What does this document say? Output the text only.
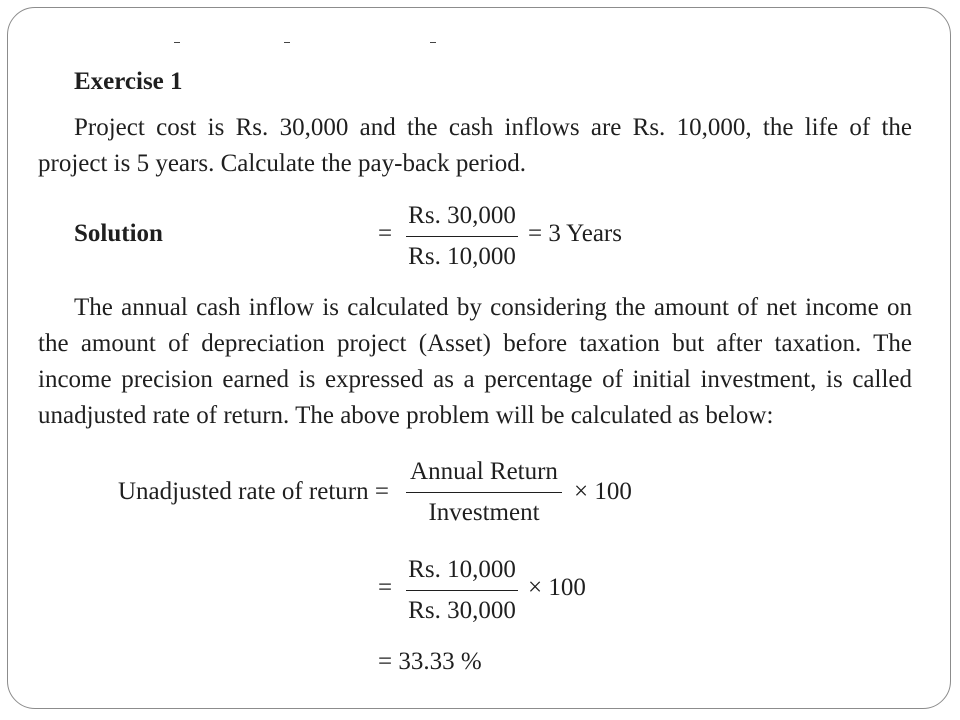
Exercise 1
Project cost is Rs. 30,000 and the cash inflows are Rs. 10,000, the life of the project is 5 years. Calculate the pay-back period.
Solution	=
Rs. 30,000
Rs. 10,000
= 3 Years
The annual cash inflow is calculated by considering the amount of net income on the amount of depreciation project (Asset) before taxation but after taxation. The income precision earned is expressed as a percentage of initial investment, is called unadjusted rate of return. The above problem will be calculated as below:
Unadjusted rate of return =
Annual Return
Investment
× 100
=
Rs. 10,000
Rs. 30,000
× 100
= 33.33 %
